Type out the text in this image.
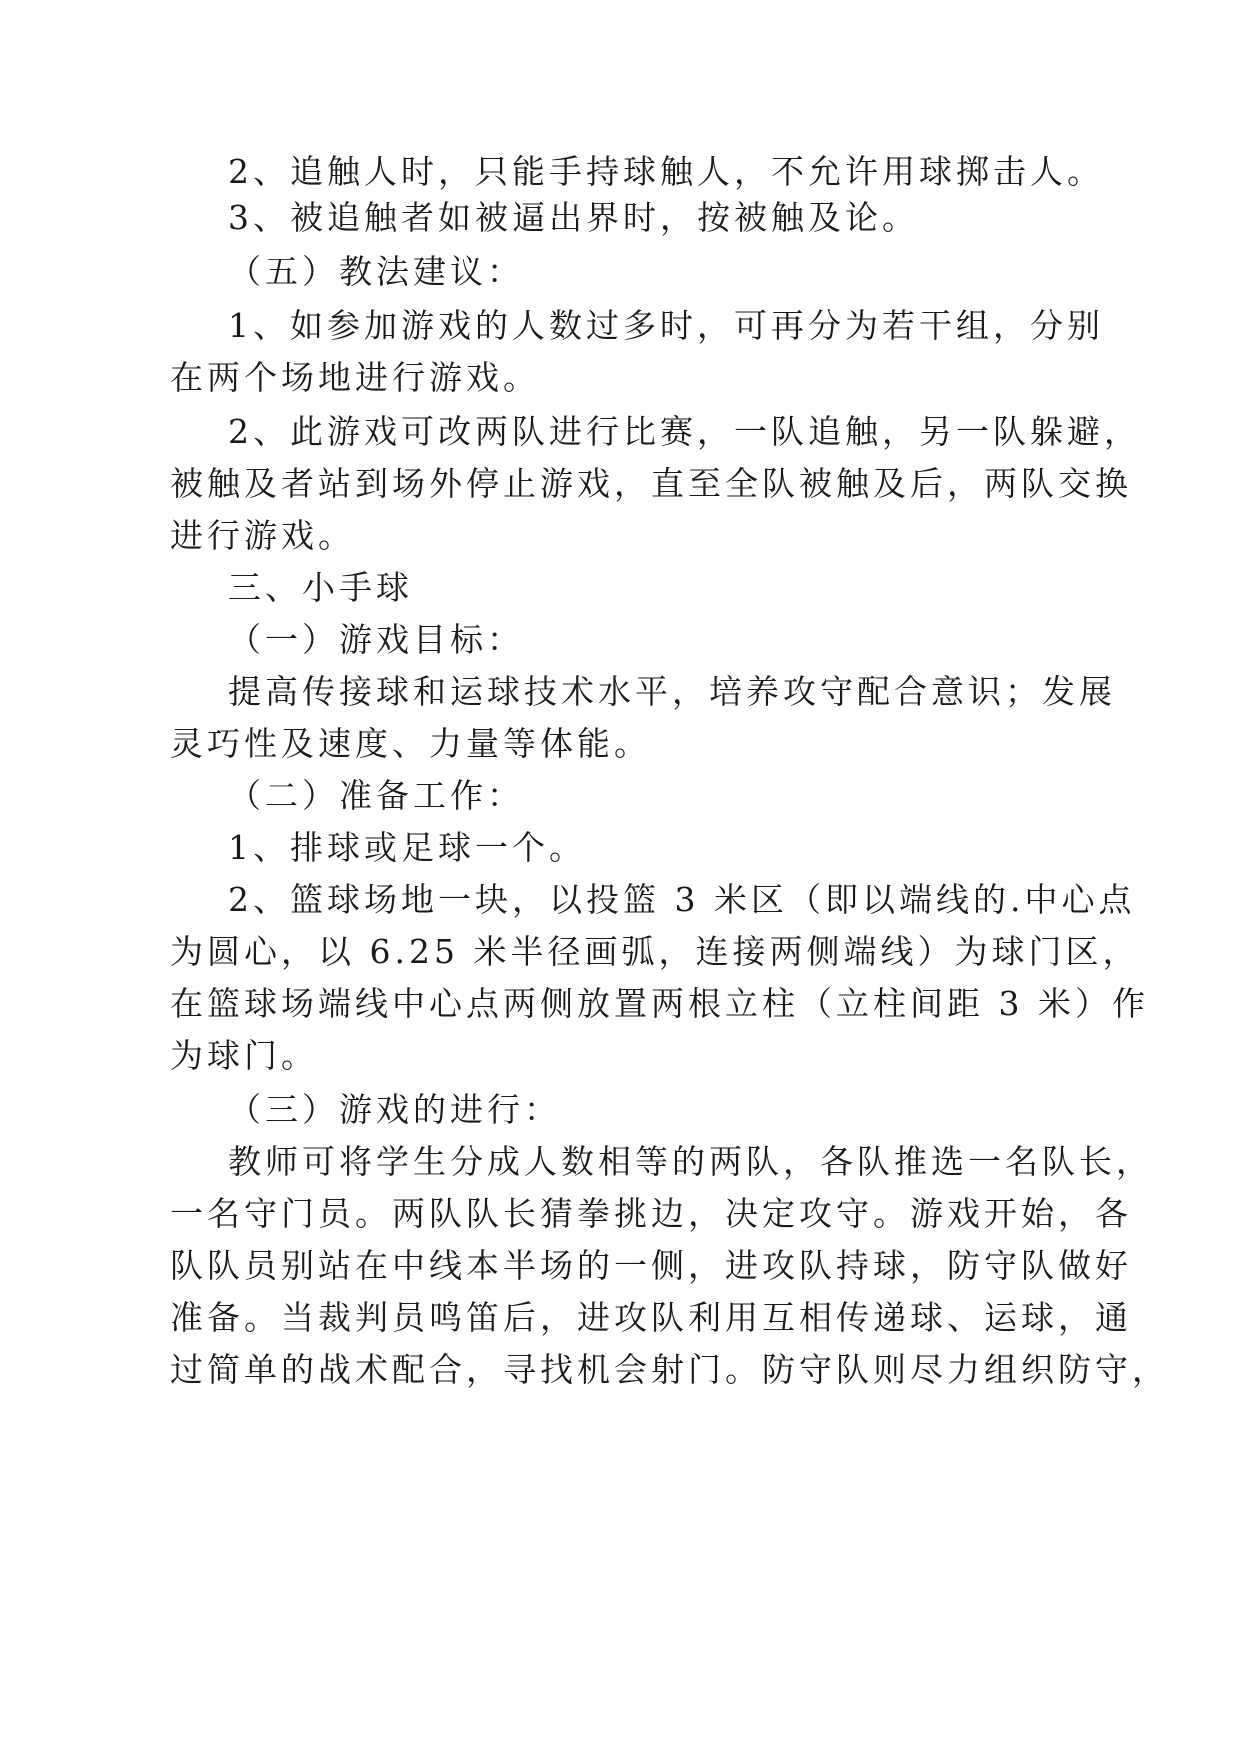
2、追触人时，只能手持球触人，不允许用球掷击人。
3、被追触者如被逼出界时，按被触及论。
（五）教法建议：
1、如参加游戏的人数过多时，可再分为若干组，分别
在两个场地进行游戏。
2、此游戏可改两队进行比赛，一队追触，另一队躲避，
被触及者站到场外停止游戏，直至全队被触及后，两队交换
进行游戏。
三、小手球
（一）游戏目标：
提高传接球和运球技术水平，培养攻守配合意识；发展
灵巧性及速度、力量等体能。
（二）准备工作：
1、排球或足球一个。
2、篮球场地一块，以投篮 3 米区（即以端线的.中心点
为圆心，以 6.25 米半径画弧，连接两侧端线）为球门区，
在篮球场端线中心点两侧放置两根立柱（立柱间距 3 米）作
为球门。
（三）游戏的进行：
教师可将学生分成人数相等的两队，各队推选一名队长，
一名守门员。两队队长猜拳挑边，决定攻守。游戏开始，各
队队员别站在中线本半场的一侧，进攻队持球，防守队做好
准备。当裁判员鸣笛后，进攻队利用互相传递球、运球，通
过简单的战术配合，寻找机会射门。防守队则尽力组织防守，
